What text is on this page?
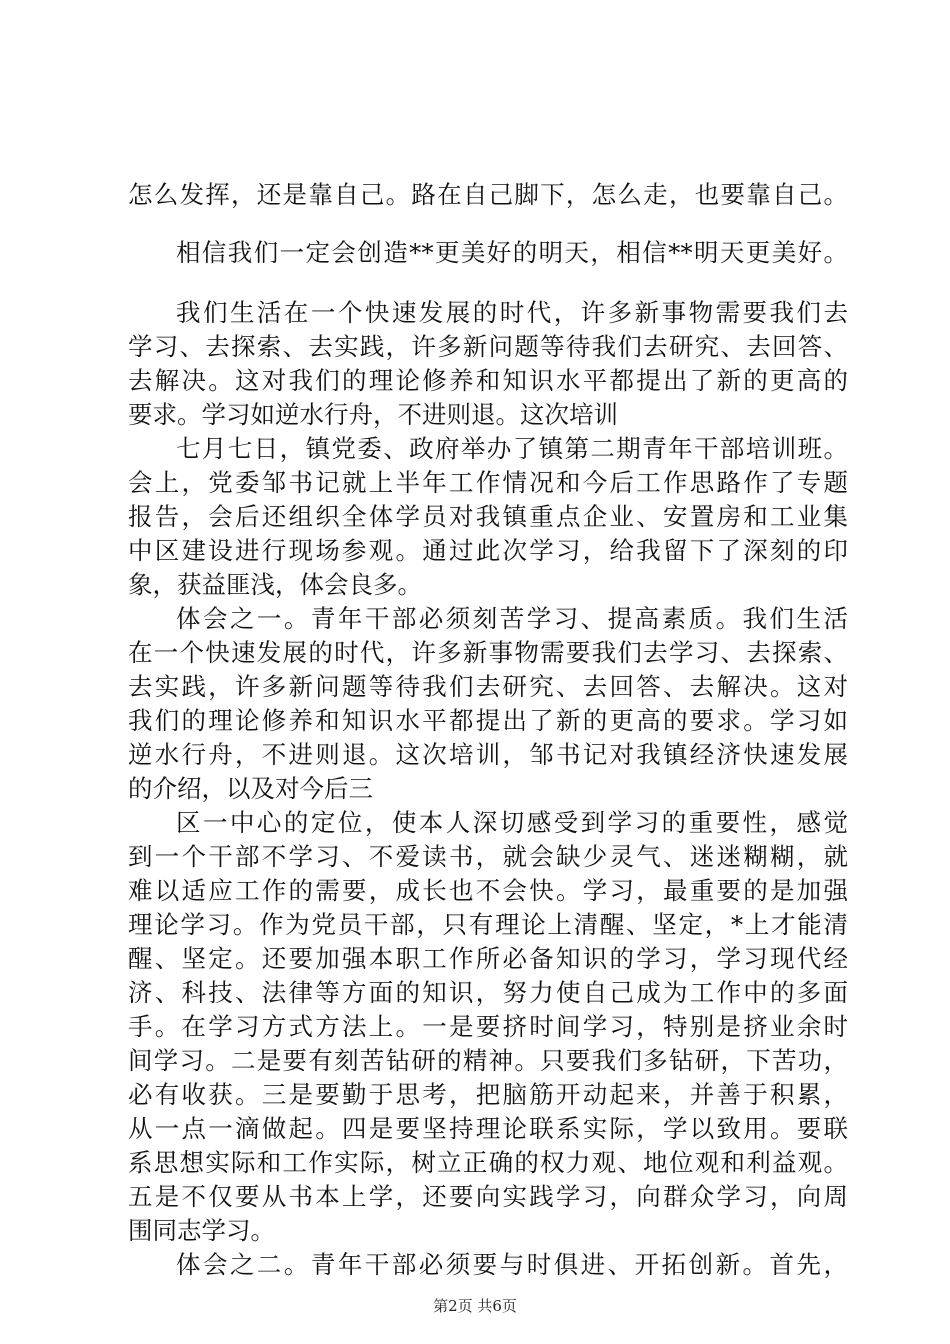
怎么发挥，还是靠自己。路在自己脚下，怎么走，也要靠自己。
相信我们一定会创造**更美好的明天，相信**明天更美好。
我们生活在一个快速发展的时代，许多新事物需要我们去
学习、去探索、去实践，许多新问题等待我们去研究、去回答、
去解决。这对我们的理论修养和知识水平都提出了新的更高的
要求。学习如逆水行舟，不进则退。这次培训
七月七日，镇党委、政府举办了镇第二期青年干部培训班。
会上，党委邹书记就上半年工作情况和今后工作思路作了专题
报告，会后还组织全体学员对我镇重点企业、安置房和工业集
中区建设进行现场参观。通过此次学习，给我留下了深刻的印
象，获益匪浅，体会良多。
体会之一。青年干部必须刻苦学习、提高素质。我们生活
在一个快速发展的时代，许多新事物需要我们去学习、去探索、
去实践，许多新问题等待我们去研究、去回答、去解决。这对
我们的理论修养和知识水平都提出了新的更高的要求。学习如
逆水行舟，不进则退。这次培训，邹书记对我镇经济快速发展
的介绍，以及对今后三
区一中心的定位，使本人深切感受到学习的重要性，感觉
到一个干部不学习、不爱读书，就会缺少灵气、迷迷糊糊，就
难以适应工作的需要，成长也不会快。学习，最重要的是加强
理论学习。作为党员干部，只有理论上清醒、坚定，*上才能清
醒、坚定。还要加强本职工作所必备知识的学习，学习现代经
济、科技、法律等方面的知识，努力使自己成为工作中的多面
手。在学习方式方法上。一是要挤时间学习，特别是挤业余时
间学习。二是要有刻苦钻研的精神。只要我们多钻研，下苦功，
必有收获。三是要勤于思考，把脑筋开动起来，并善于积累，
从一点一滴做起。四是要坚持理论联系实际，学以致用。要联
系思想实际和工作实际，树立正确的权力观、地位观和利益观。
五是不仅要从书本上学，还要向实践学习，向群众学习，向周
围同志学习。
体会之二。青年干部必须要与时俱进、开拓创新。首先，
第2页 共6页
